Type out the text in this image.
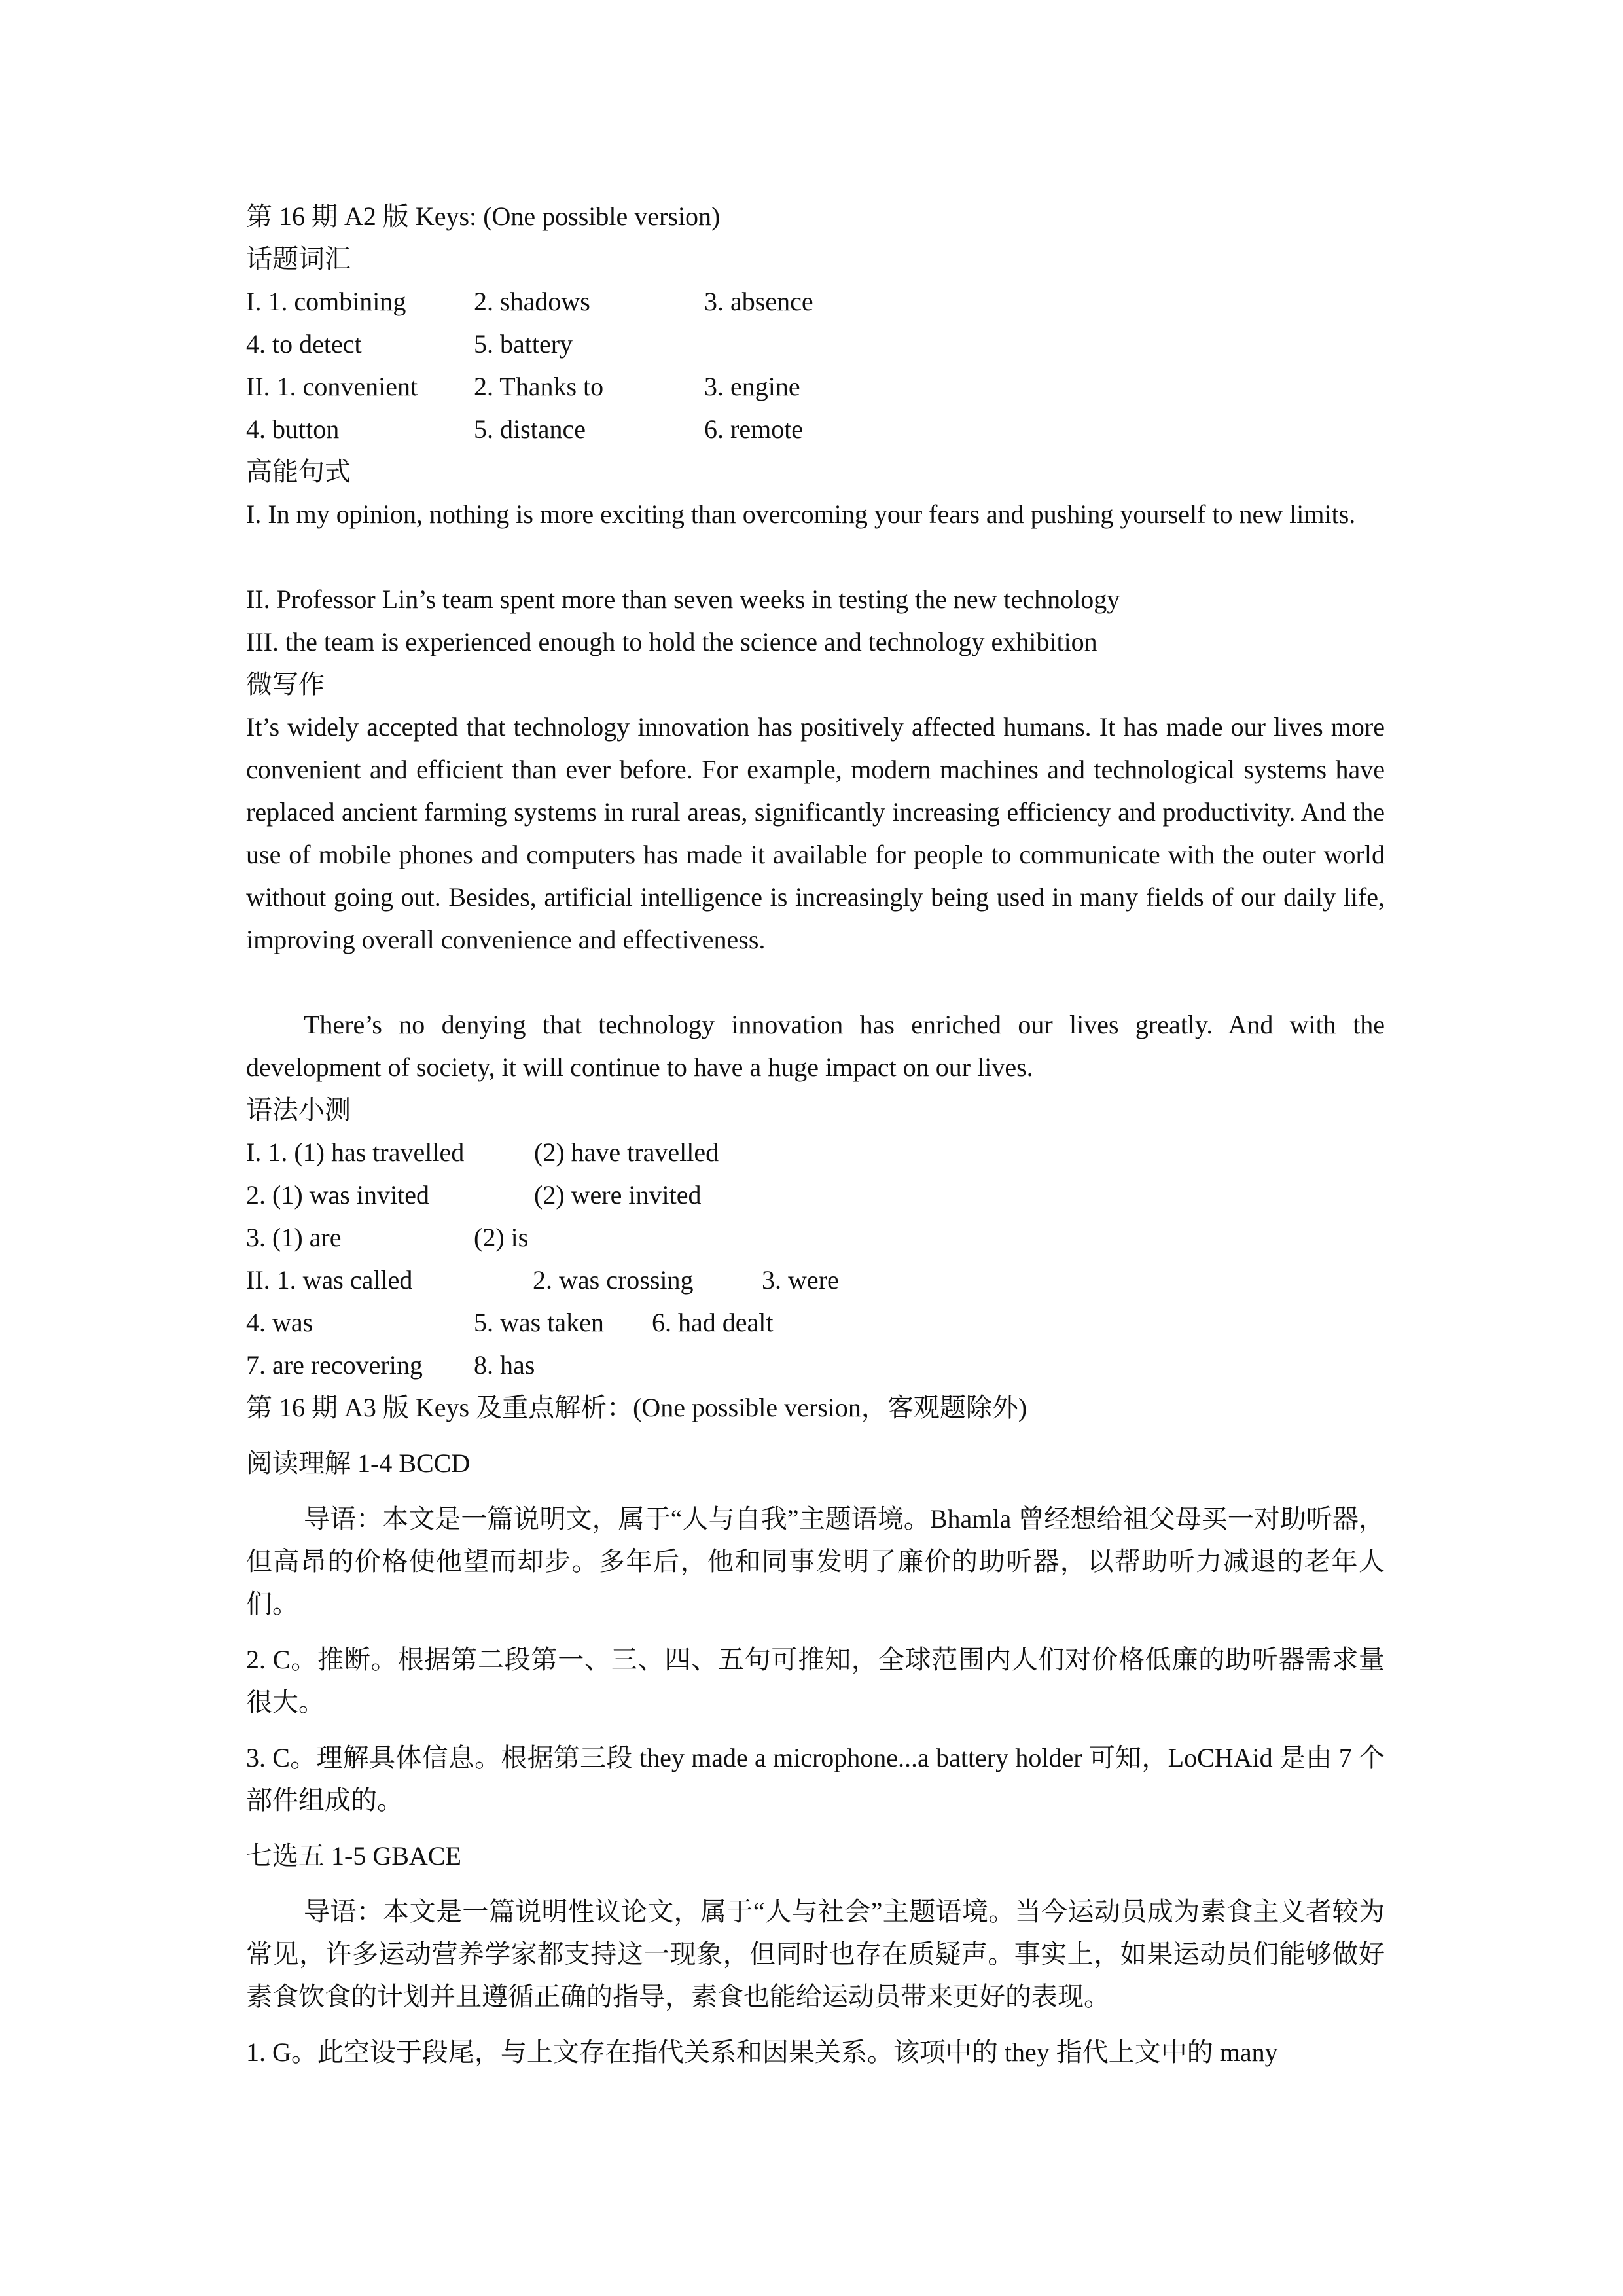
第 16 期 A2 版 Keys: (One possible version)
话题词汇
I. 1. combining	2. shadows	3. absence
4. to detect	5. battery
II. 1. convenient 2. Thanks to	3. engine
4. button	5. distance	6. remote
高能句式
I. In my opinion, nothing is more exciting than overcoming your fears and pushing yourself to new limits.
II. Professor Lin’s team spent more than seven weeks in testing the new technology
III. the team is experienced enough to hold the science and technology exhibition
微写作
It’s widely accepted that technology innovation has positively affected humans. It has made our lives more convenient and efficient than ever before. For example, modern machines and technological systems have replaced ancient farming systems in rural areas, significantly increasing efficiency and productivity. And the use of mobile phones and computers has made it available for people to communicate with the outer world without going out. Besides, artificial intelligence is increasingly being used in many fields of our daily life, improving overall convenience and effectiveness.
There’s no denying that technology innovation has enriched our lives greatly. And with the development of society, it will continue to have a huge impact on our lives.
语法小测
I. 1. (1) has travelled	(2) have travelled
2. (1) was invited	(2) were invited
3. (1) are	(2) is
II. 1. was called	2. was crossing	3. were
4. was	5. was taken 6. had dealt
7. are recovering 8. has
第 16 期 A3 版 Keys 及重点解析：(One possible version，客观题除外)
阅读理解 1-4 BCCD
导语：本文是一篇说明文，属于“人与自我”主题语境。Bhamla 曾经想给祖父母买一对助听器，但高昂的价格使他望而却步。多年后，他和同事发明了廉价的助听器，以帮助听力减退的老年人们。
2. C。推断。根据第二段第一、三、四、五句可推知，全球范围内人们对价格低廉的助听器需求量很大。
3. C。理解具体信息。根据第三段 they made a microphone...a battery holder 可知，LoCHAid 是由 7 个部件组成的。
七选五 1-5 GBACE
导语：本文是一篇说明性议论文，属于“人与社会”主题语境。当今运动员成为素食主义者较为常见，许多运动营养学家都支持这一现象，但同时也存在质疑声。事实上，如果运动员们能够做好素食饮食的计划并且遵循正确的指导，素食也能给运动员带来更好的表现。
1. G。此空设于段尾，与上文存在指代关系和因果关系。该项中的 they 指代上文中的 many
